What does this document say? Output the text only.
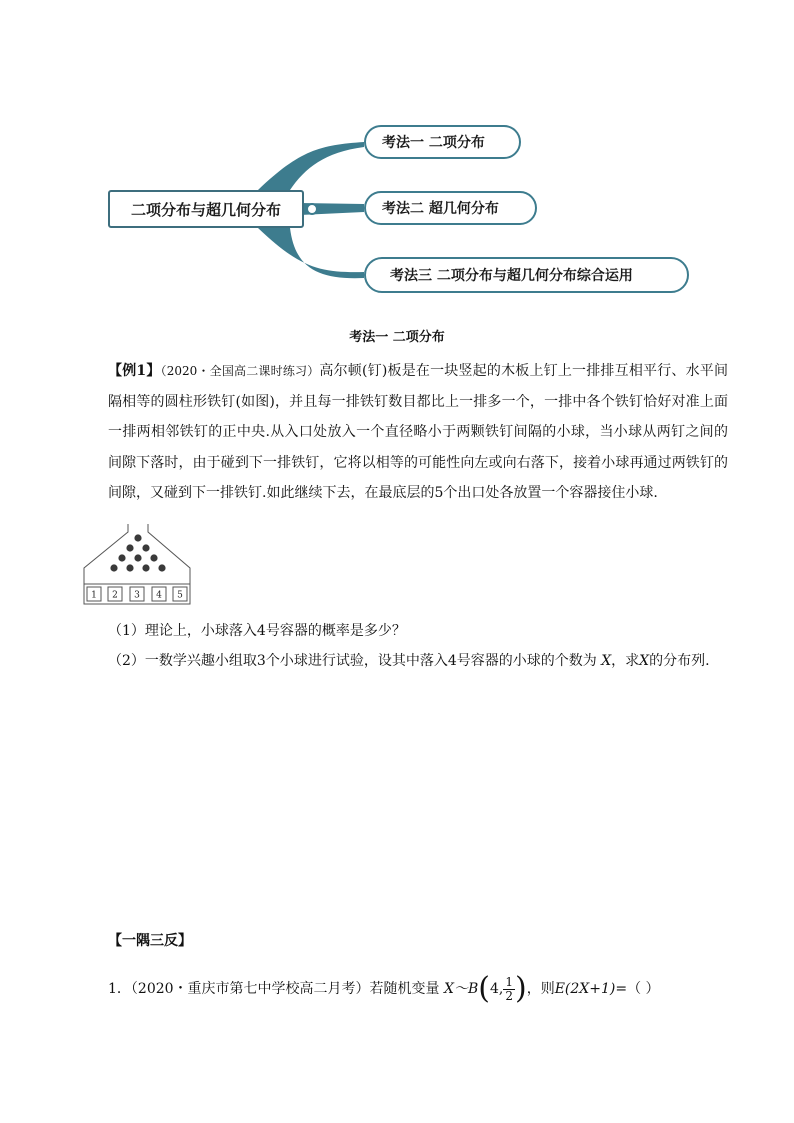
二项分布与超几何分布
考法一 二项分布
考法二 超几何分布
考法三 二项分布与超几何分布综合运用
考法一 二项分布
【例1】（2020・全国高二课时练习）高尔顿(钉)板是在一块竖起的木板上钉上一排排互相平行、水平间隔相等的圆柱形铁钉(如图)，并且每一排铁钉数目都比上一排多一个，一排中各个铁钉恰好对准上面一排两相邻铁钉的正中央.从入口处放入一个直径略小于两颗铁钉间隔的小球，当小球从两钉之间的间隙下落时，由于碰到下一排铁钉，它将以相等的可能性向左或向右落下，接着小球再通过两铁钉的间隙，又碰到下一排铁钉.如此继续下去，在最底层的5个出口处各放置一个容器接住小球.
1 2 3 4 5
（1）理论上，小球落入4号容器的概率是多少？
（2）一数学兴趣小组取3个小球进行试验，设其中落入4号容器的小球的个数为 X，求X的分布列.
【一隅三反】
1．（2020・重庆市第七中学校高二月考）若随机变量 X～B(4, $\frac{1}{2}$ )，则E(2X+1)=（ ）
